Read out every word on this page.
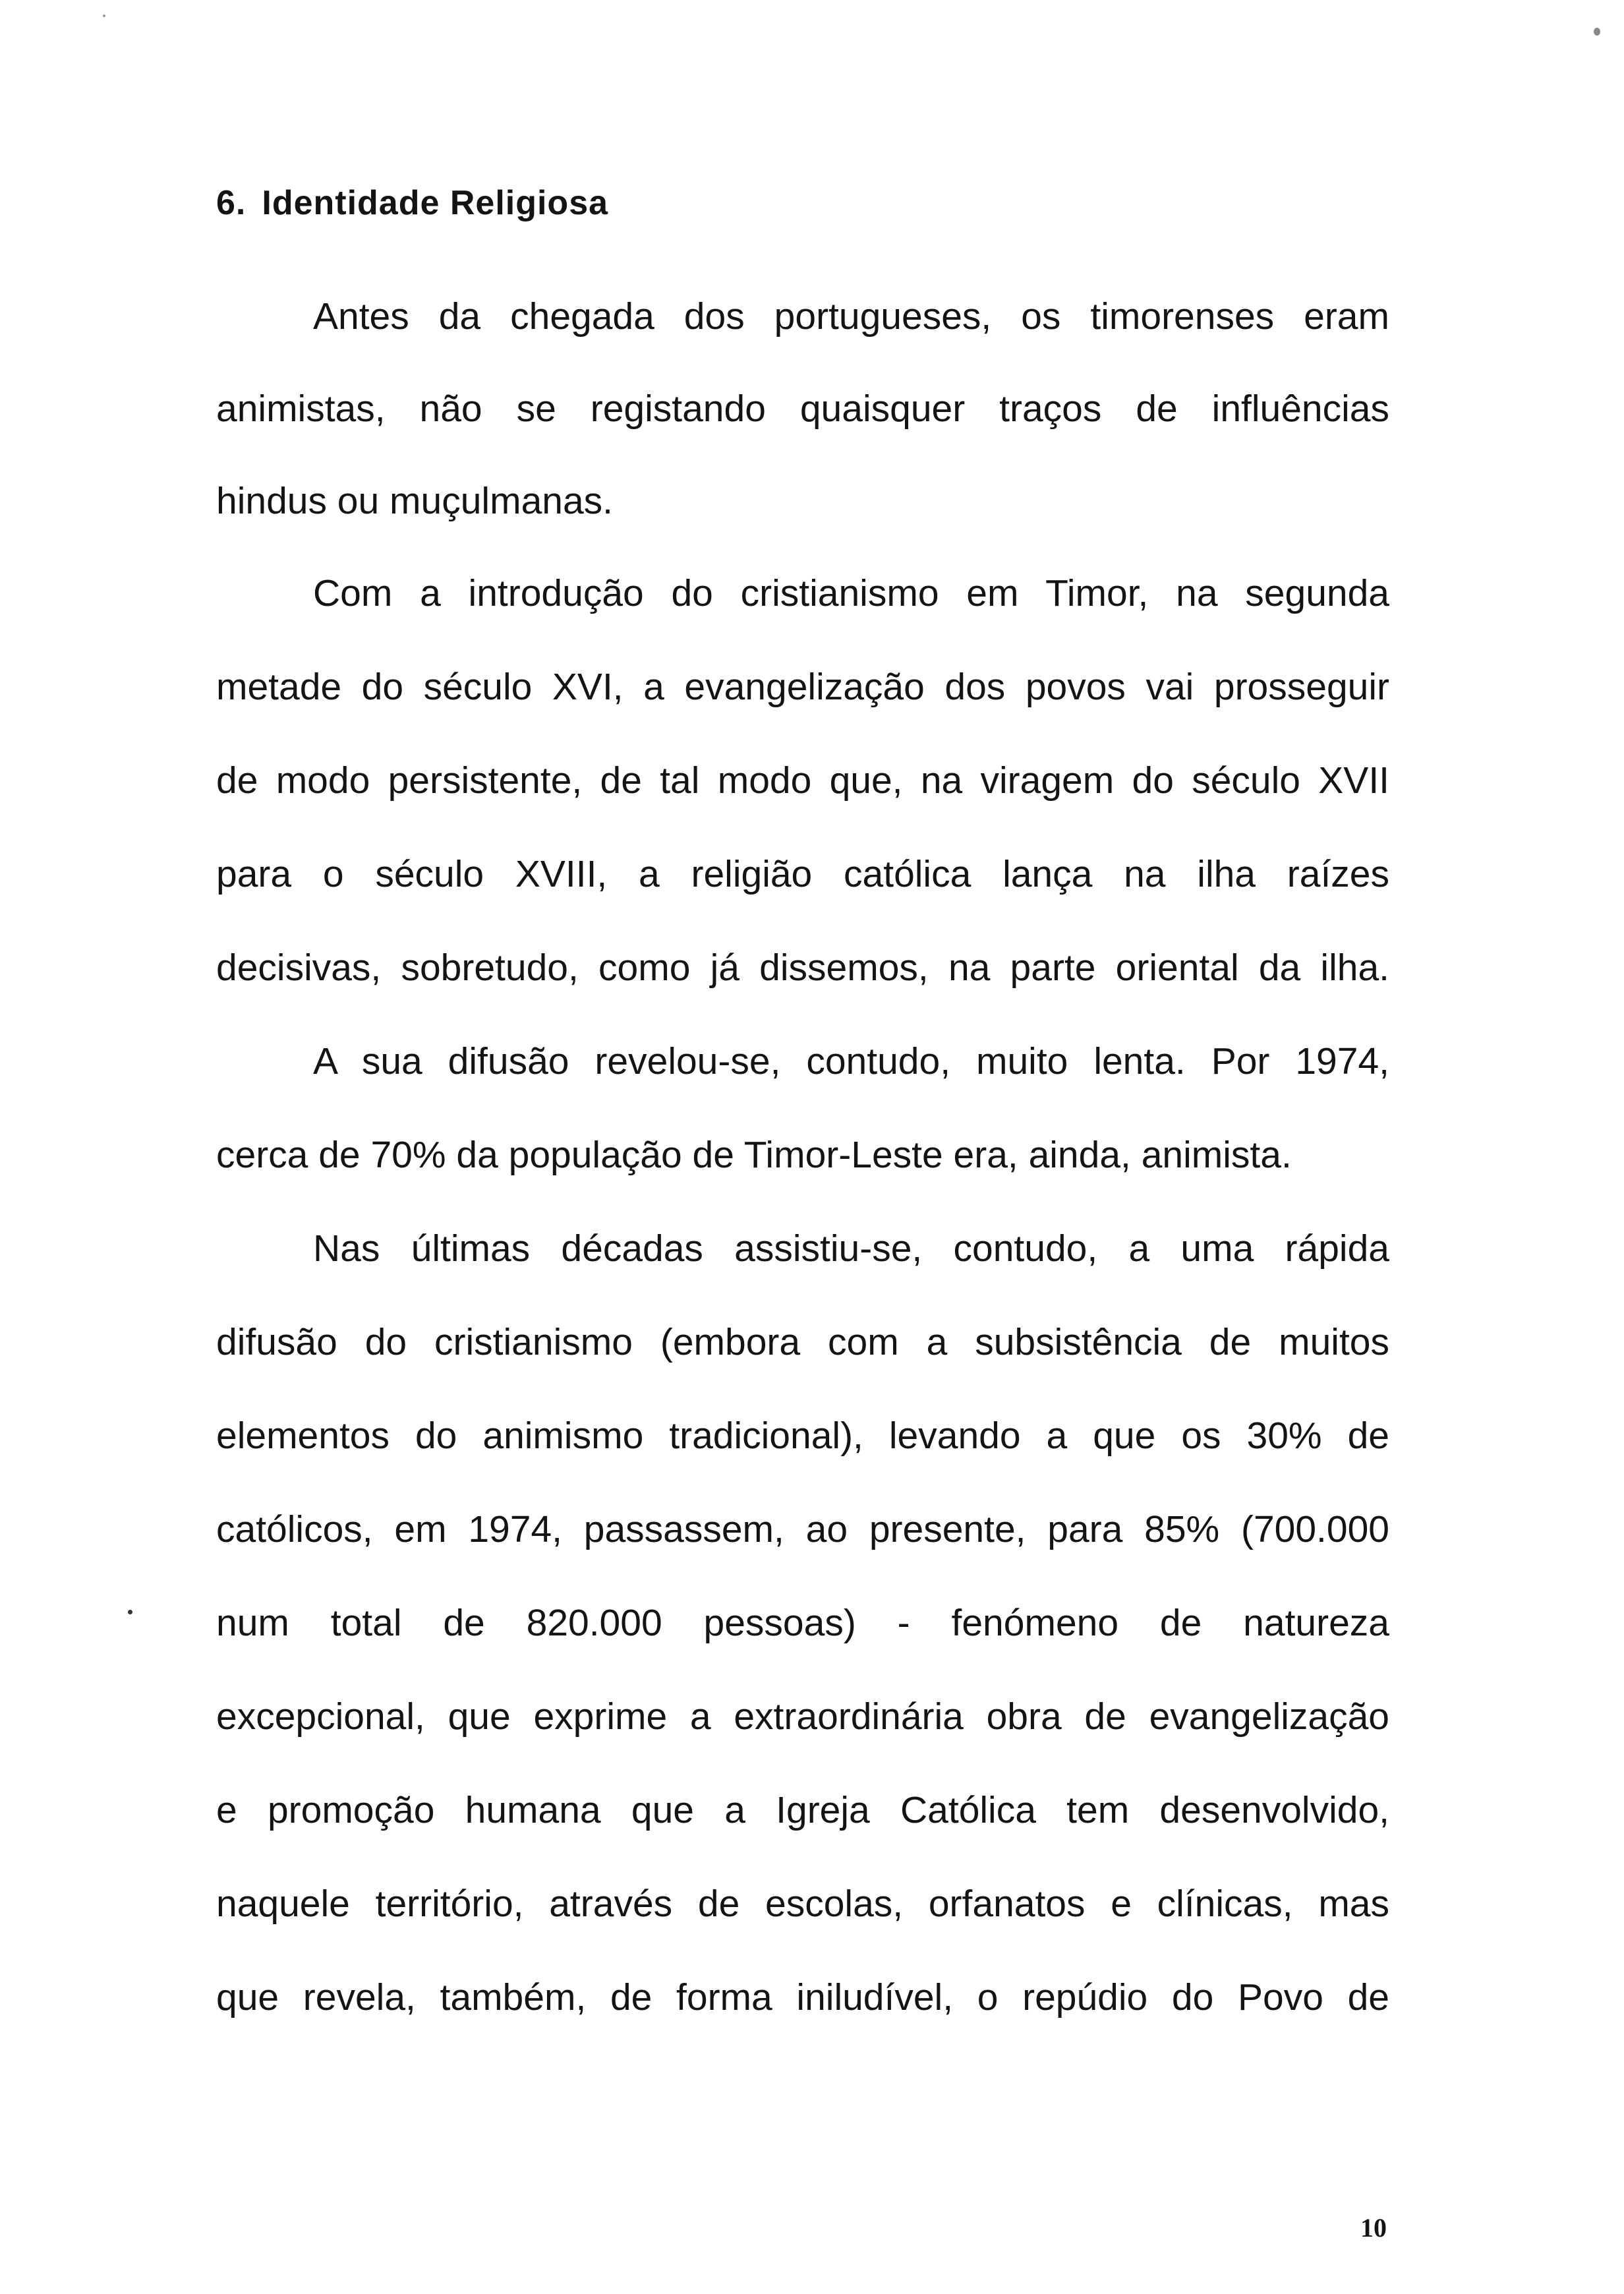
6. Identidade Religiosa

Antes da chegada dos portugueses, os timorenses eram

animistas, não se registando quaisquer traços de influências

hindus ou muçulmanas.

Com a introdução do cristianismo em Timor, na segunda

metade do século XVI, a evangelização dos povos vai prosseguir

de modo persistente, de tal modo que, na viragem do século XVII

para o século XVIII, a religião católica lança na ilha raízes

decisivas, sobretudo, como já dissemos, na parte oriental da ilha.

A sua difusão revelou-se, contudo, muito lenta. Por 1974,

cerca de 70% da população de Timor-Leste era, ainda, animista.

Nas últimas décadas assistiu-se, contudo, a uma rápida

difusão do cristianismo (embora com a subsistência de muitos

elementos do animismo tradicional), levando a que os 30% de

católicos, em 1974, passassem, ao presente, para 85% (700.000

num total de 820.000 pessoas) - fenómeno de natureza

excepcional, que exprime a extraordinária obra de evangelização

e promoção humana que a Igreja Católica tem desenvolvido,

naquele território, através de escolas, orfanatos e clínicas, mas

que revela, também, de forma iniludível, o repúdio do Povo de

10
